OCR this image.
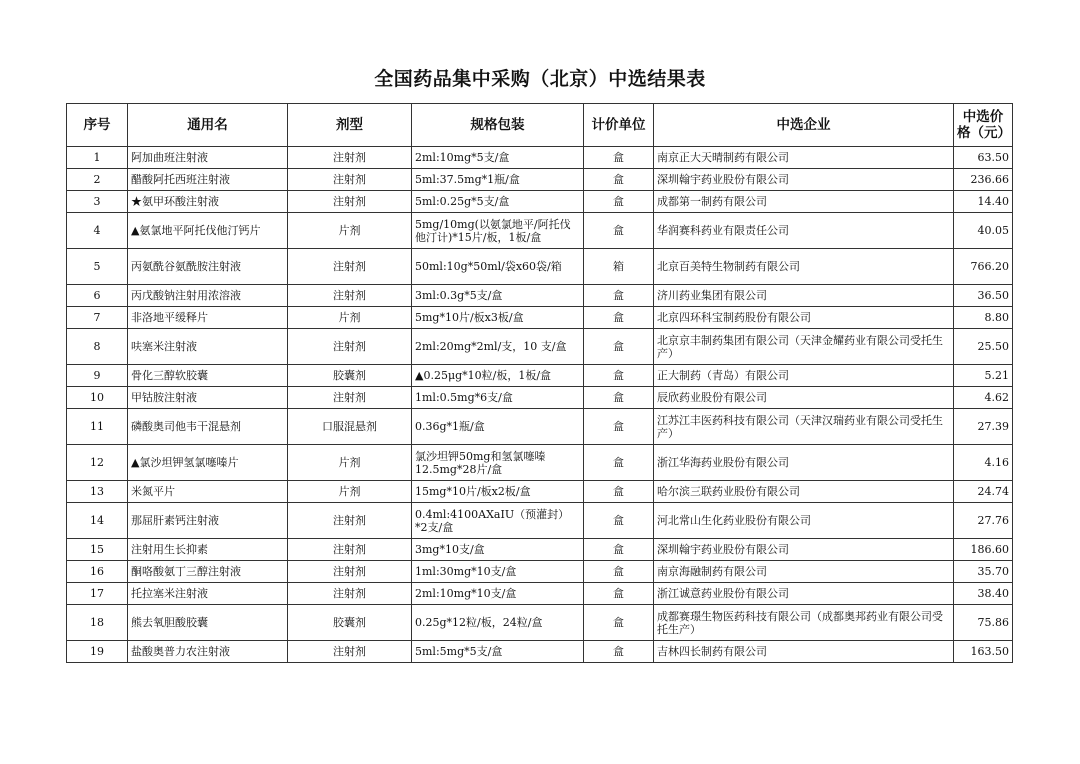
全国药品集中采购（北京）中选结果表
序号	通用名	剂型	规格包装	计价单位	中选企业	中选价格（元）
1	阿加曲班注射液	注射剂	2ml:10mg*5支/盒	盒	南京正大天晴制药有限公司	63.50
2	醋酸阿托西班注射液	注射剂	5ml:37.5mg*1瓶/盒	盒	深圳翰宇药业股份有限公司	236.66
3	★氨甲环酸注射液	注射剂	5ml:0.25g*5支/盒	盒	成都第一制药有限公司	14.40
4	▲氨氯地平阿托伐他汀钙片	片剂	5mg/10mg(以氨氯地平/阿托伐他汀计)*15片/板，1板/盒	盒	华润赛科药业有限责任公司	40.05
5	丙氨酰谷氨酰胺注射液	注射剂	50ml:10g*50ml/袋x60袋/箱	箱	北京百美特生物制药有限公司	766.20
6	丙戊酸钠注射用浓溶液	注射剂	3ml:0.3g*5支/盒	盒	济川药业集团有限公司	36.50
7	非洛地平缓释片	片剂	5mg*10片/板x3板/盒	盒	北京四环科宝制药股份有限公司	8.80
8	呋塞米注射液	注射剂	2ml:20mg*2ml/支，10 支/盒	盒	北京京丰制药集团有限公司（天津金耀药业有限公司受托生产）	25.50
9	骨化三醇软胶囊	胶囊剂	▲0.25μg*10粒/板，1板/盒	盒	正大制药（青岛）有限公司	5.21
10	甲钴胺注射液	注射剂	1ml:0.5mg*6支/盒	盒	辰欣药业股份有限公司	4.62
11	磷酸奥司他韦干混悬剂	口服混悬剂	0.36g*1瓶/盒	盒	江苏江丰医药科技有限公司（天津汉瑞药业有限公司受托生产）	27.39
12	▲氯沙坦钾氢氯噻嗪片	片剂	氯沙坦钾50mg和氢氯噻嗪12.5mg*28片/盒	盒	浙江华海药业股份有限公司	4.16
13	米氮平片	片剂	15mg*10片/板x2板/盒	盒	哈尔滨三联药业股份有限公司	24.74
14	那屈肝素钙注射液	注射剂	0.4ml:4100AXaIU（预灌封）*2支/盒	盒	河北常山生化药业股份有限公司	27.76
15	注射用生长抑素	注射剂	3mg*10支/盒	盒	深圳翰宇药业股份有限公司	186.60
16	酮咯酸氨丁三醇注射液	注射剂	1ml:30mg*10支/盒	盒	南京海融制药有限公司	35.70
17	托拉塞米注射液	注射剂	2ml:10mg*10支/盒	盒	浙江诚意药业股份有限公司	38.40
18	熊去氧胆酸胶囊	胶囊剂	0.25g*12粒/板，24粒/盒	盒	成都赛璟生物医药科技有限公司（成都奥邦药业有限公司受托生产）	75.86
19	盐酸奥普力农注射液	注射剂	5ml:5mg*5支/盒	盒	吉林四长制药有限公司	163.50
